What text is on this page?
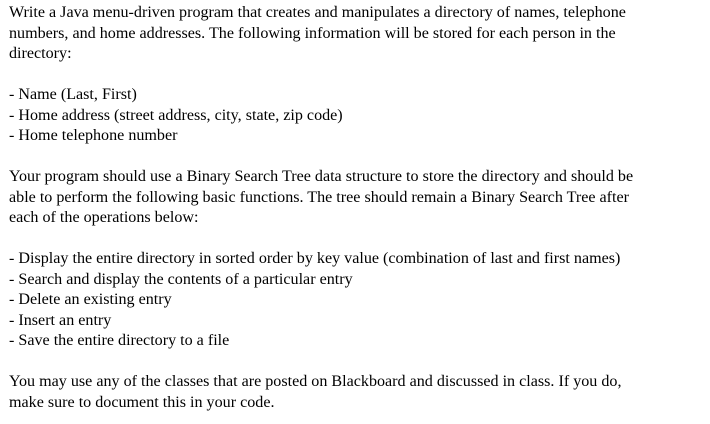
Write a Java menu-driven program that creates and manipulates a directory of names, telephone
numbers, and home addresses. The following information will be stored for each person in the
directory:
- Name (Last, First)
- Home address (street address, city, state, zip code)
- Home telephone number
Your program should use a Binary Search Tree data structure to store the directory and should be
able to perform the following basic functions. The tree should remain a Binary Search Tree after
each of the operations below:
- Display the entire directory in sorted order by key value (combination of last and first names)
- Search and display the contents of a particular entry
- Delete an existing entry
- Insert an entry
- Save the entire directory to a file
You may use any of the classes that are posted on Blackboard and discussed in class. If you do,
make sure to document this in your code.
